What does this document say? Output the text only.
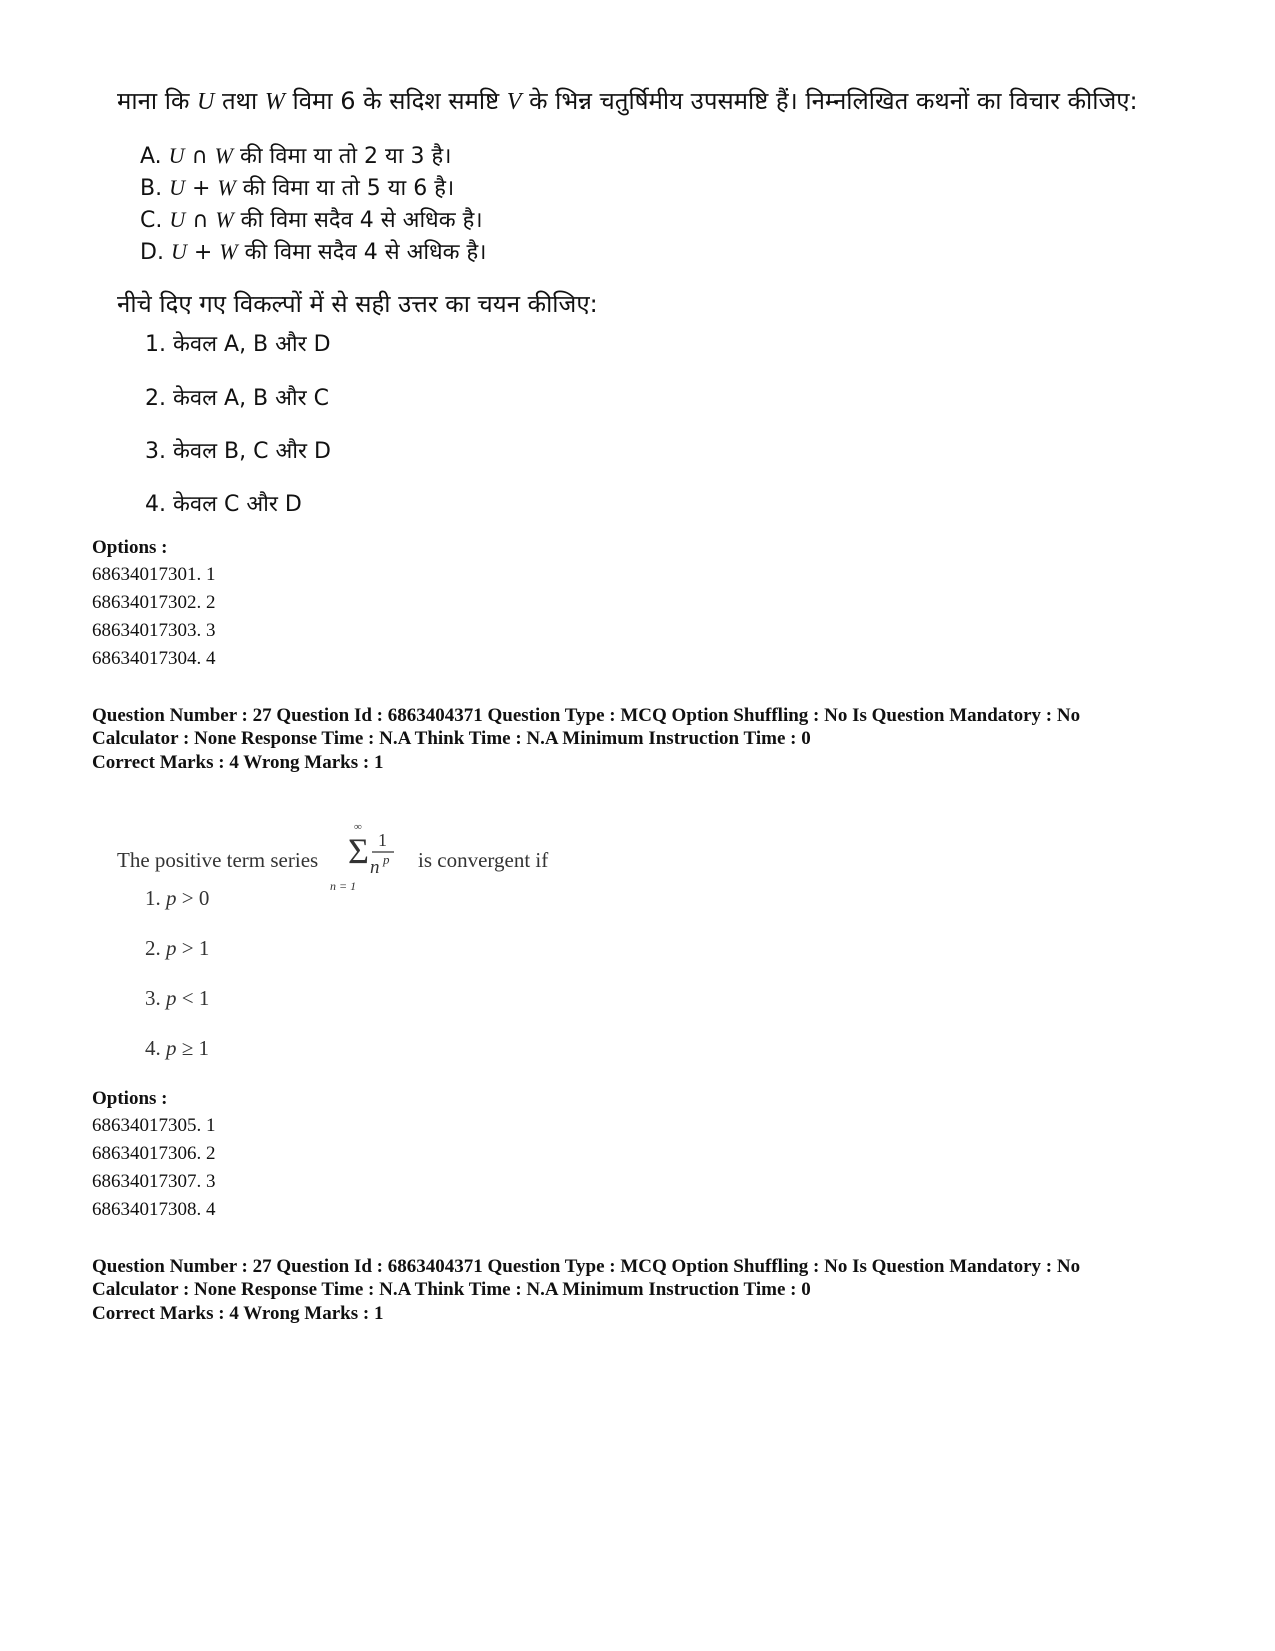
माना कि U तथा W विमा 6 के सदिश समष्टि V के भिन्न चतुर्षिमीय उपसमष्टि हैं। निम्नलिखित कथनों का विचार कीजिए:
A. U ∩ W की विमा या तो 2 या 3 है।
B. U + W की विमा या तो 5 या 6 है।
C. U ∩ W की विमा सदैव 4 से अधिक है।
D. U + W की विमा सदैव 4 से अधिक है।
नीचे दिए गए विकल्पों में से सही उत्तर का चयन कीजिए:
1. केवल A, B और D
2. केवल A, B और C
3. केवल B, C और D
4. केवल C और D
Options :
68634017301. 1
68634017302. 2
68634017303. 3
68634017304. 4
Question Number : 27 Question Id : 6863404371 Question Type : MCQ Option Shuffling : No Is Question Mandatory : No
Calculator : None Response Time : N.A Think Time : N.A Minimum Instruction Time : 0
Correct Marks : 4 Wrong Marks : 1
The positive term series
∞
Σ
n = 1
1
n p is convergent if
1. p > 0
2. p > 1
3. p < 1
4. p ≥ 1
Options :
68634017305. 1
68634017306. 2
68634017307. 3
68634017308. 4
Question Number : 27 Question Id : 6863404371 Question Type : MCQ Option Shuffling : No Is Question Mandatory : No
Calculator : None Response Time : N.A Think Time : N.A Minimum Instruction Time : 0
Correct Marks : 4 Wrong Marks : 1
